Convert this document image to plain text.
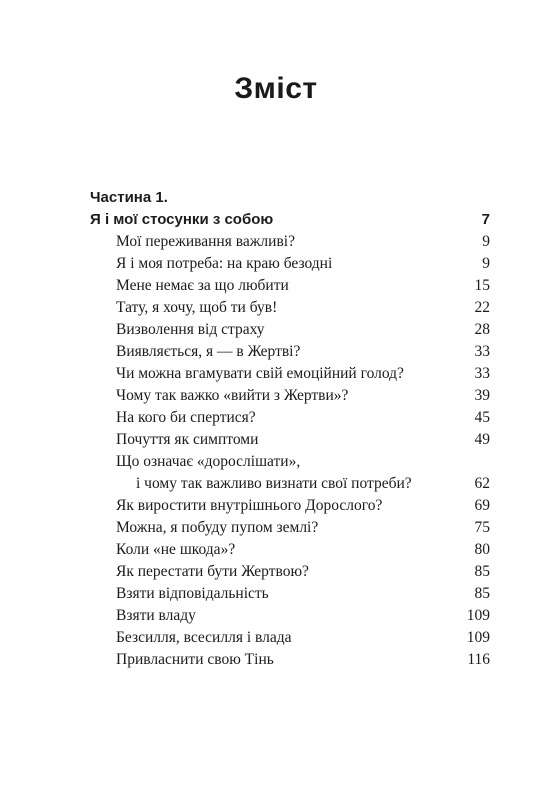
Зміст
Частина 1.
Я і мої стосунки з собою	7
Мої переживання важливі?	9
Я і моя потреба: на краю безодні	9
Мене немає за що любити	15
Тату, я хочу, щоб ти був!	22
Визволення від страху	28
Виявляється, я — в Жертві?	33
Чи можна вгамувати свій емоційний голод?	33
Чому так важко «вийти з Жертви»?	39
На кого би спертися?	45
Почуття як симптоми	49
Що означає «дорослішати»,
і чому так важливо визнати свої потреби?	62
Як виростити внутрішнього Дорослого?	69
Можна, я побуду пупом землі?	75
Коли «не шкода»?	80
Як перестати бути Жертвою?	85
Взяти відповідальність	85
Взяти владу	109
Безсилля, всесилля і влада	109
Привласнити свою Тінь	116
